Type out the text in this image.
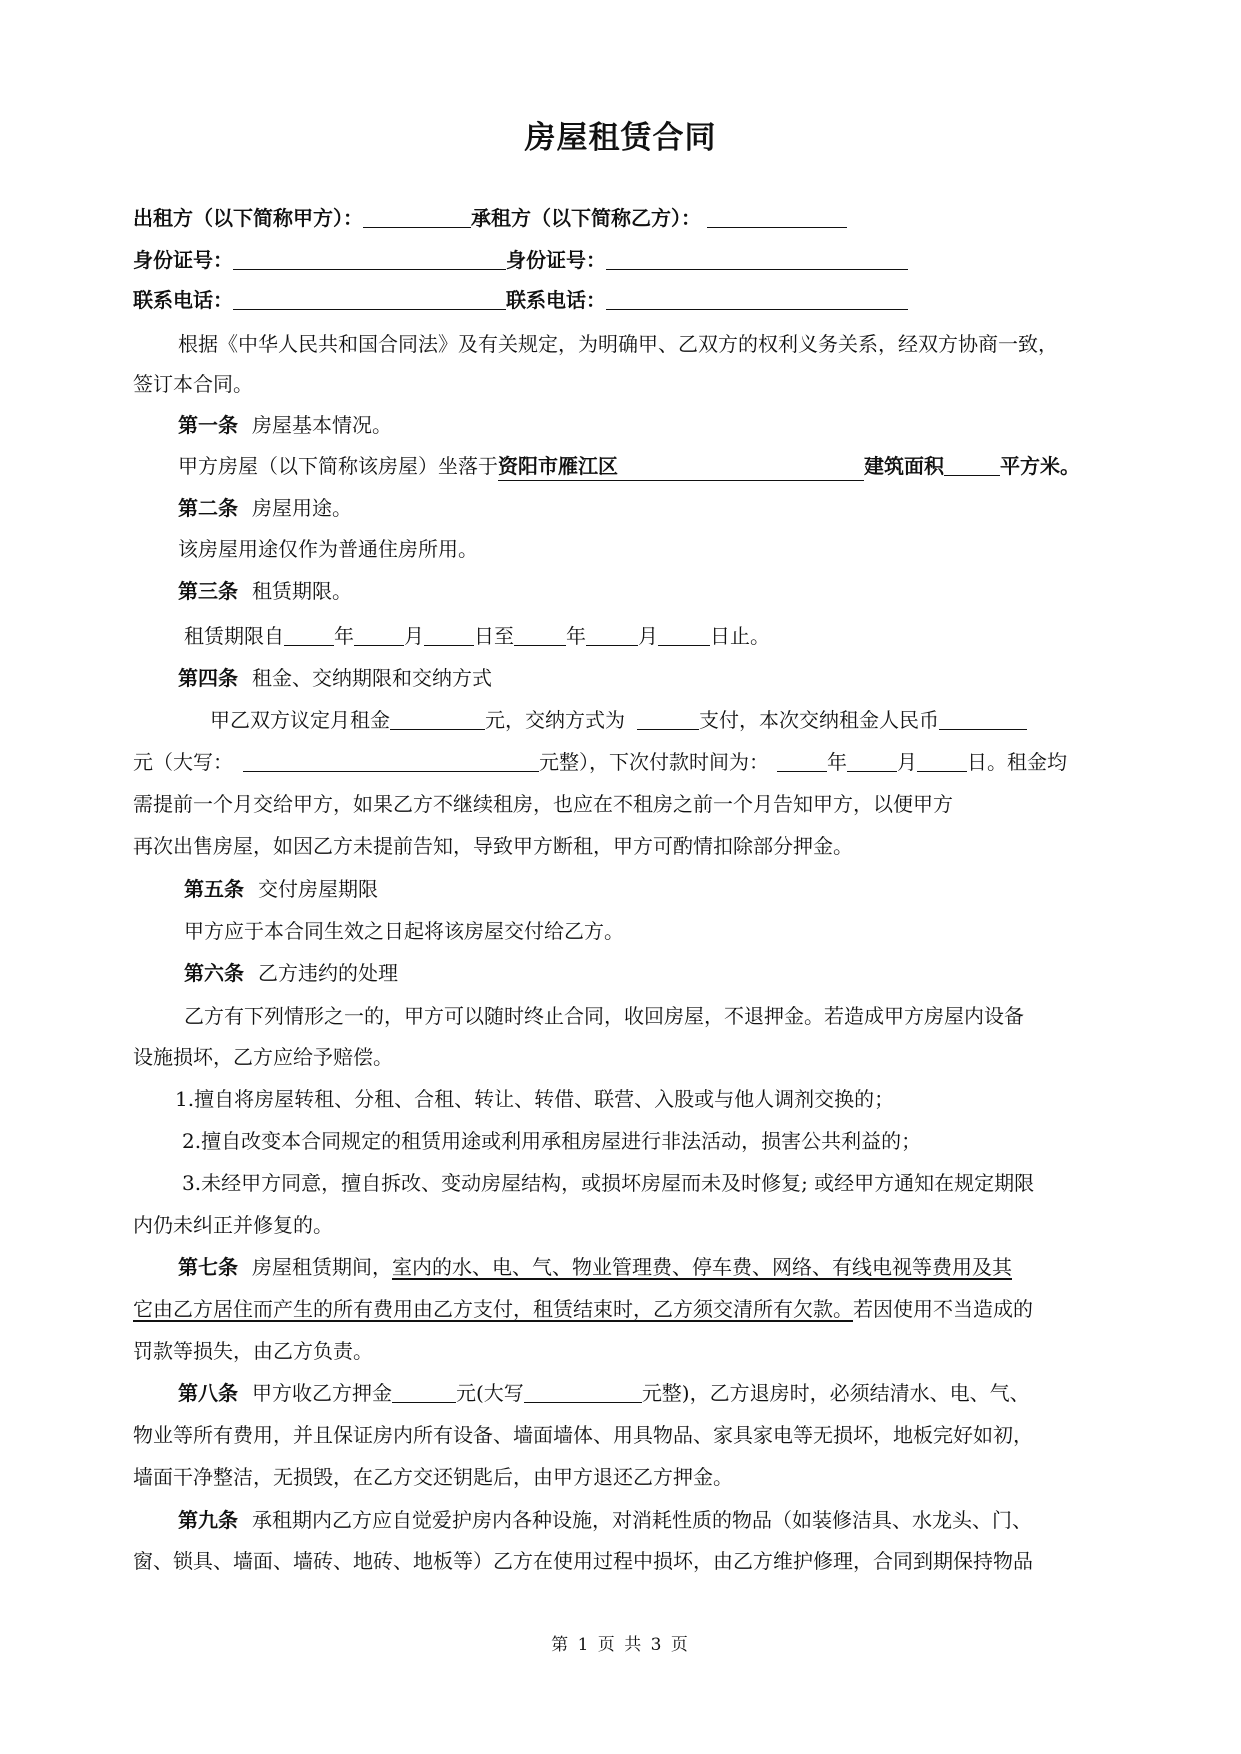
房屋租赁合同
出租方（以下简称甲方）：	承租方（以下简称乙方）：
身份证号：	身份证号：
联系电话：	联系电话：
根据《中华人民共和国合同法》及有关规定，为明确甲、乙双方的权利义务关系，经双方协商一致，
签订本合同。
第一条 房屋基本情况。
甲方房屋（以下简称该房屋）坐落于资阳市雁江区	建筑面积	平方米。
第二条 房屋用途。
该房屋用途仅作为普通住房所用。
第三条 租赁期限。
租赁期限自	年	月	日至	年	月	日止。
第四条 租金、交纳期限和交纳方式
甲乙双方议定月租金	元，交纳方式为	支付，本次交纳租金人民币
元（大写：	元整），下次付款时间为：	年	月	日。租金均
需提前一个月交给甲方，如果乙方不继续租房，也应在不租房之前一个月告知甲方，以便甲方
再次出售房屋，如因乙方未提前告知，导致甲方断租，甲方可酌情扣除部分押金。
第五条 交付房屋期限
甲方应于本合同生效之日起将该房屋交付给乙方。
第六条 乙方违约的处理
乙方有下列情形之一的，甲方可以随时终止合同，收回房屋，不退押金。若造成甲方房屋内设备
设施损坏，乙方应给予赔偿。
1.擅自将房屋转租、分租、合租、转让、转借、联营、入股或与他人调剂交换的；
2.擅自改变本合同规定的租赁用途或利用承租房屋进行非法活动，损害公共利益的；
3.未经甲方同意，擅自拆改、变动房屋结构，或损坏房屋而未及时修复; 或经甲方通知在规定期限
内仍未纠正并修复的。
第七条 房屋租赁期间，室内的水、电、气、物业管理费、停车费、网络、有线电视等费用及其
它由乙方居住而产生的所有费用由乙方支付，租赁结束时，乙方须交清所有欠款。若因使用不当造成的
罚款等损失，由乙方负责。
第八条 甲方收乙方押金	元(大写	元整)，乙方退房时，必须结清水、电、气、
物业等所有费用，并且保证房内所有设备、墙面墙体、用具物品、家具家电等无损坏，地板完好如初，
墙面干净整洁，无损毁，在乙方交还钥匙后，由甲方退还乙方押金。
第九条 承租期内乙方应自觉爱护房内各种设施，对消耗性质的物品（如装修洁具、水龙头、门、
窗、锁具、墙面、墙砖、地砖、地板等）乙方在使用过程中损坏，由乙方维护修理，合同到期保持物品
第 1 页 共 3 页
